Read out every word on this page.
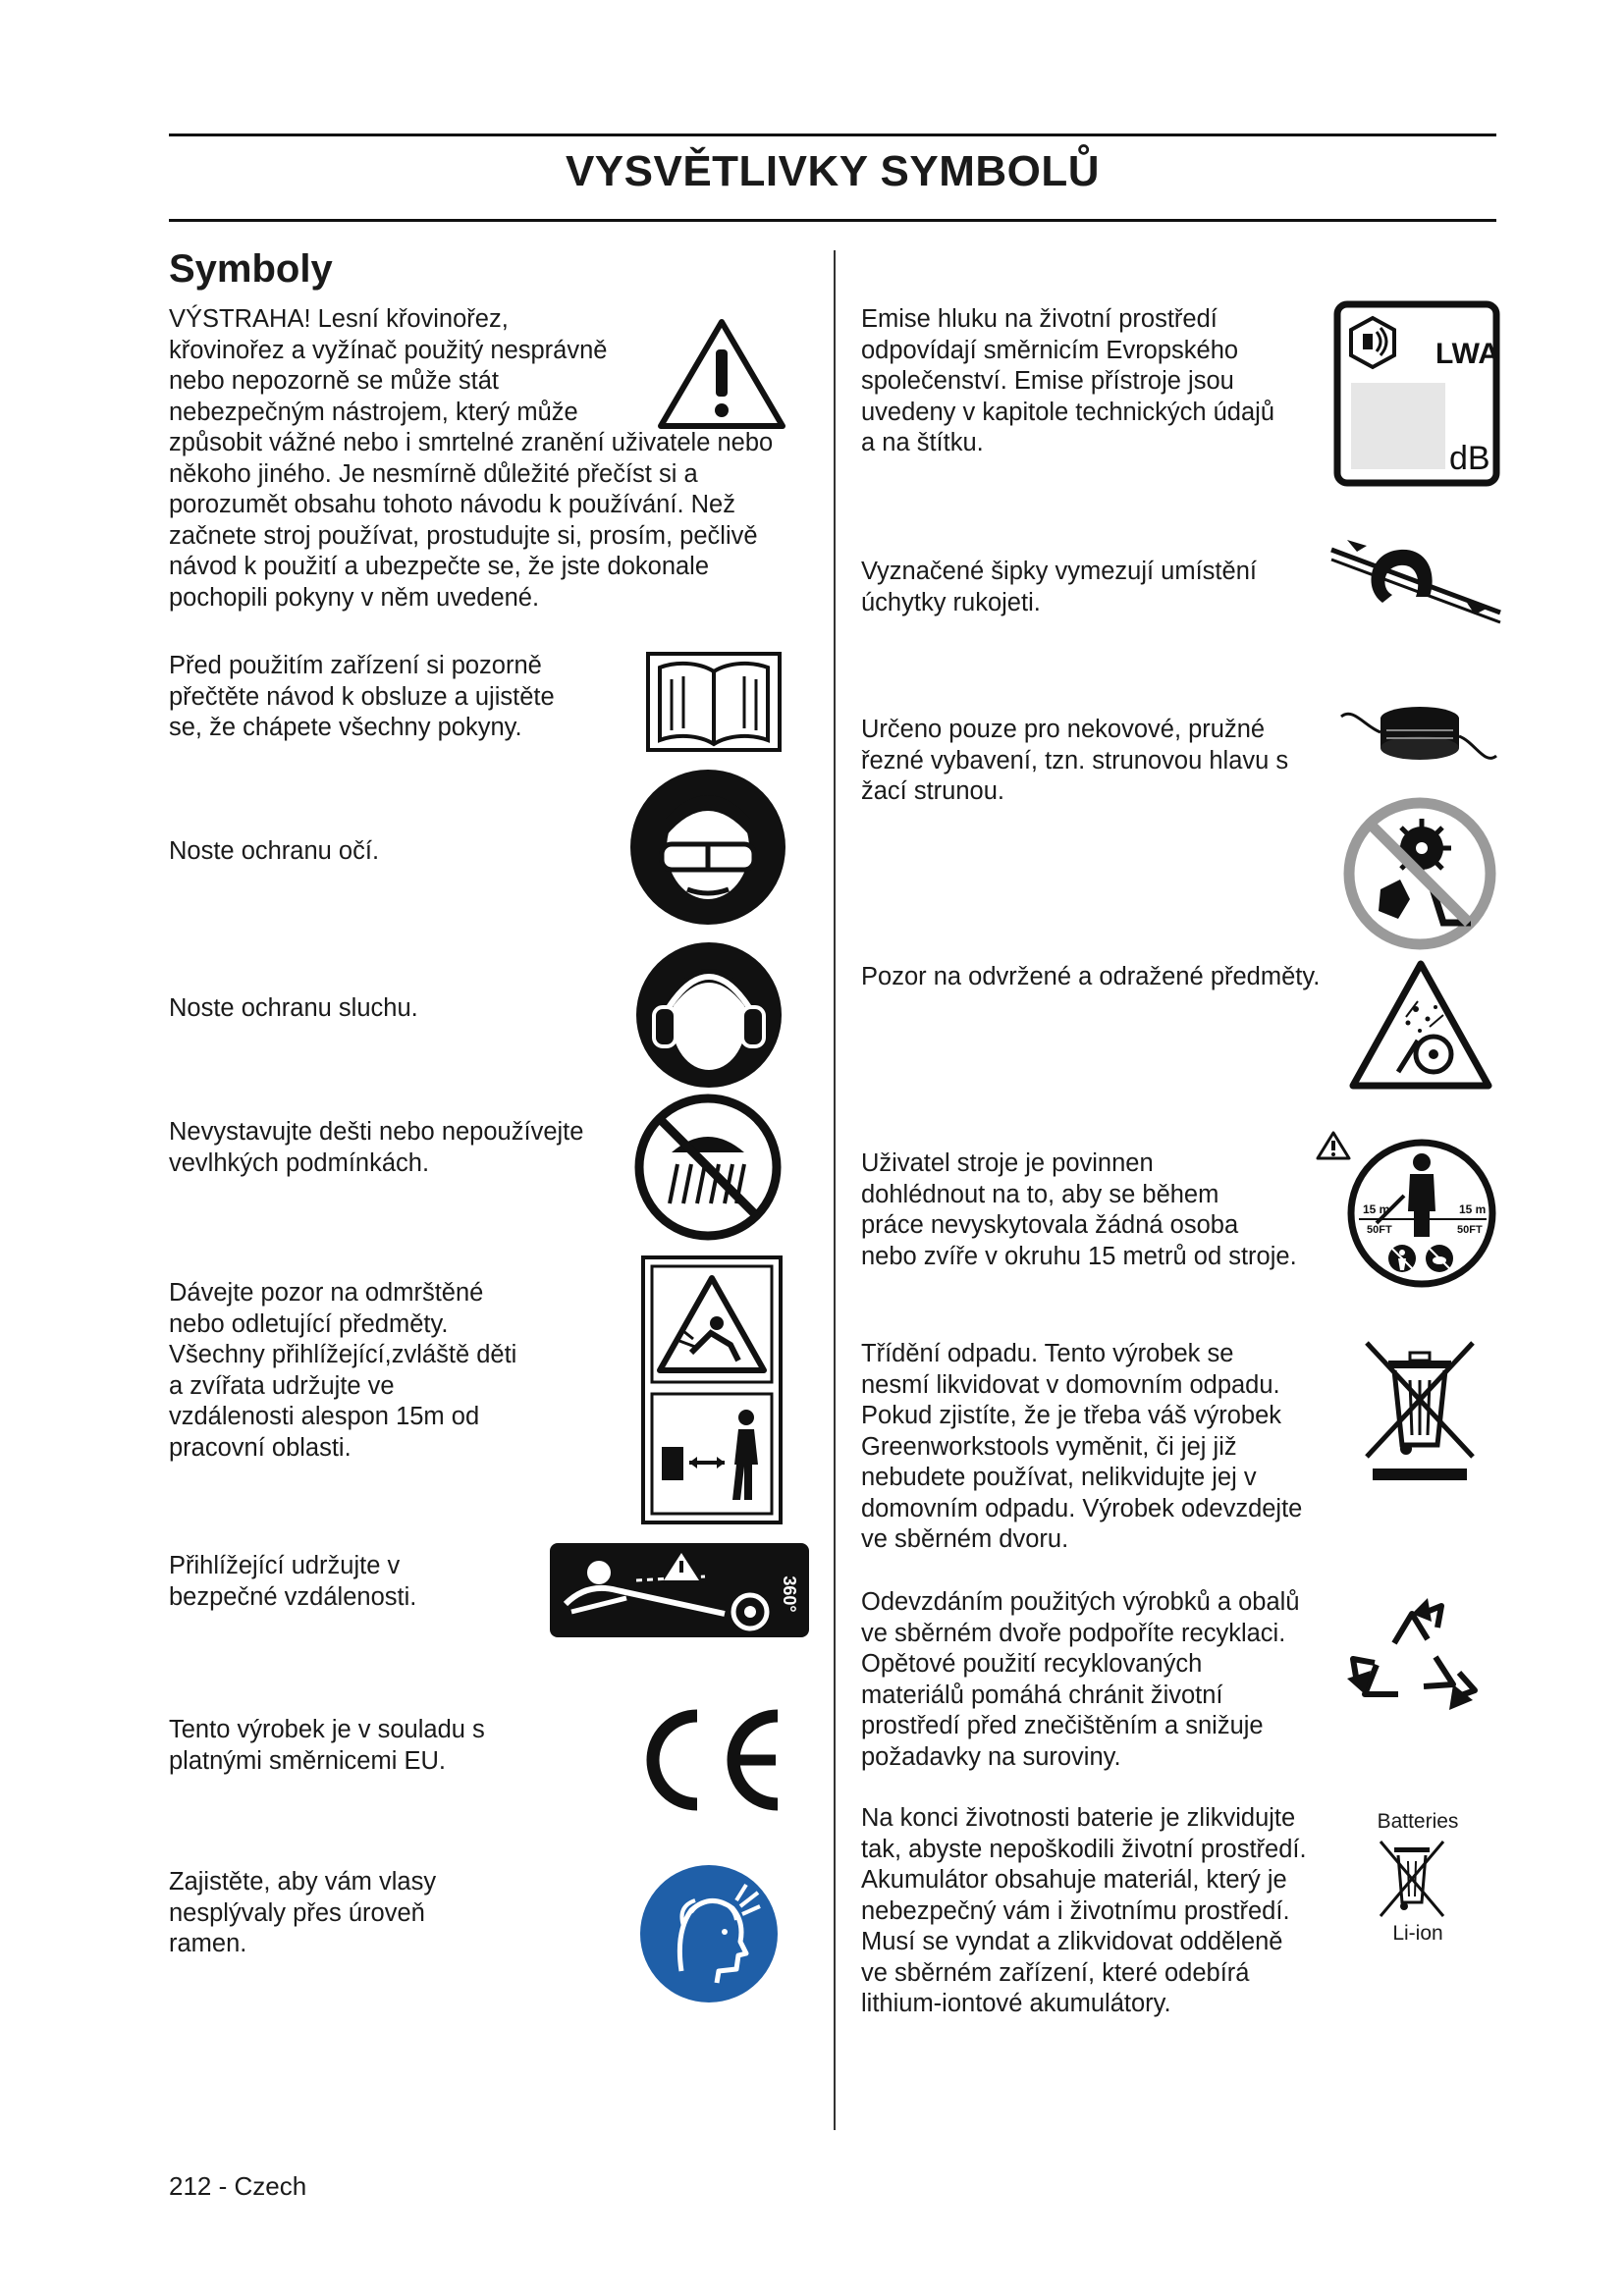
VYSVĚTLIVKY SYMBOLŮ
Symboly
VÝSTRAHA! Lesní křovinořez,
křovinořez a vyžínač použitý nesprávně
nebo nepozorně se může stát
nebezpečným nástrojem, který může
způsobit vážné nebo i smrtelné zranění uživatele nebo
někoho jiného. Je nesmírně důležité přečíst si a
porozumět obsahu tohoto návodu k používání. Než
začnete stroj používat, prostudujte si, prosím, pečlivě
návod k použití a ubezpečte se, že jste dokonale
pochopili pokyny v něm uvedené.
Před použitím zařízení si pozorně
přečtěte návod k obsluze a ujistěte
se, že chápete všechny pokyny.
Noste ochranu očí.
Noste ochranu sluchu.
Nevystavujte dešti nebo nepoužívejte
vevlhkých podmínkách.
Dávejte pozor na odmrštěné
nebo odletující předměty.
Všechny přihlížející,zvláště děti
a zvířata udržujte ve
vzdálenosti alespon 15m od
pracovní oblasti.
Přihlížející udržujte v
bezpečné vzdálenosti.	360°
Tento výrobek je v souladu s
platnými směrnicemi EU.
Zajistěte, aby vám vlasy
nesplývaly přes úroveň
ramen.
Emise hluku na životní prostředí
odpovídají směrnicím Evropského
společenství. Emise přístroje jsou
uvedeny v kapitole technických údajů
a na štítku.
LWA
dB
Vyznačené šipky vymezují umístění
úchytky rukojeti.
Určeno pouze pro nekovové, pružné
řezné vybavení, tzn. strunovou hlavu s
žací strunou.
Pozor na odvržené a odražené předměty.
Uživatel stroje je povinnen
dohlédnout na to, aby se během
práce nevyskytovala žádná osoba
nebo zvíře v okruhu 15 metrů od stroje.
15 m
50FT
15 m
50FT
Třídění odpadu. Tento výrobek se
nesmí likvidovat v domovním odpadu.
Pokud zjistíte, že je třeba váš výrobek
Greenworkstools vyměnit, či jej již
nebudete používat, nelikvidujte jej v
domovním odpadu. Výrobek odevzdejte
ve sběrném dvoru.
Odevzdáním použitých výrobků a obalů
ve sběrném dvoře podpoříte recyklaci.
Opětové použití recyklovaných
materiálů pomáhá chránit životní
prostředí před znečištěním a snižuje
požadavky na suroviny.
Na konci životnosti baterie je zlikvidujte
tak, abyste nepoškodili životní prostředí.
Akumulátor obsahuje materiál, který je
nebezpečný vám i životnímu prostředí.
Musí se vyndat a zlikvidovat odděleně
ve sběrném zařízení, které odebírá
lithium-iontové akumulátory.
Batteries
Li-ion
212 - Czech
